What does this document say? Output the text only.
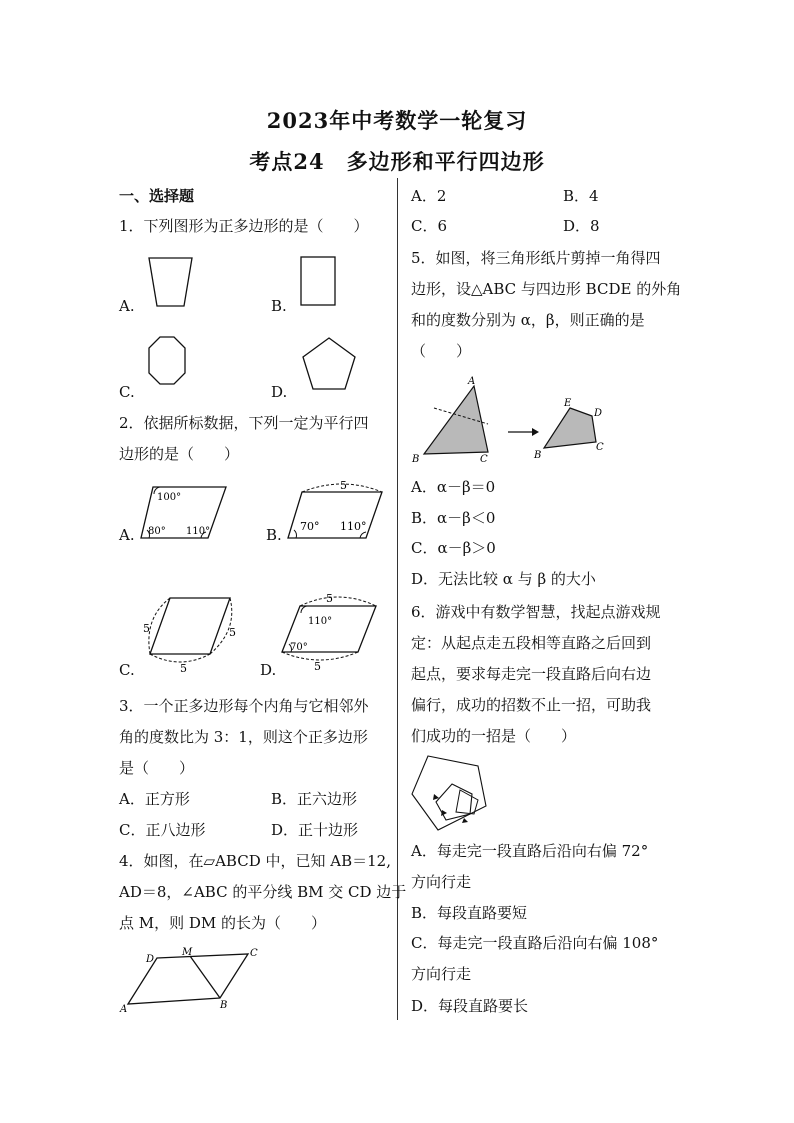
2023年中考数学一轮复习
考点24　多边形和平行四边形
一、选择题
1．下列图形为正多边形的是（　　）
A.	B.
C.	D.
2．依据所标数据，下列一定为平行四
边形的是（　　）
A.
100°
80° 110°	B.
5
70° 110°
C.
5	5
5	D.
5
110°
70°
5
3．一个正多边形每个内角与它相邻外
角的度数比为 3：1，则这个正多边形
是（　　）
A．正方形	B．正六边形
C．正八边形	D．正十边形
4．如图，在▱ABCD 中，已知 AB＝12,
AD＝8，∠ABC 的平分线 BM 交 CD 边于
点 M，则 DM 的长为（　　）
D
M	C
A	B
A．2	B．4
C．6	D．8
5．如图，将三角形纸片剪掉一角得四
边形，设△ABC 与四边形 BCDE 的外角
和的度数分别为 α，β，则正确的是
（　　）
A
B	C
E
D
B
C
A．α－β＝0
B．α－β＜0
C．α－β＞0
D．无法比较 α 与 β 的大小
6．游戏中有数学智慧，找起点游戏规
定：从起点走五段相等直路之后回到
起点，要求每走完一段直路后向右边
偏行，成功的招数不止一招，可助我
们成功的一招是（　　）
A．每走完一段直路后沿向右偏 72°
方向行走
B．每段直路要短
C．每走完一段直路后沿向右偏 108°
方向行走
D．每段直路要长
